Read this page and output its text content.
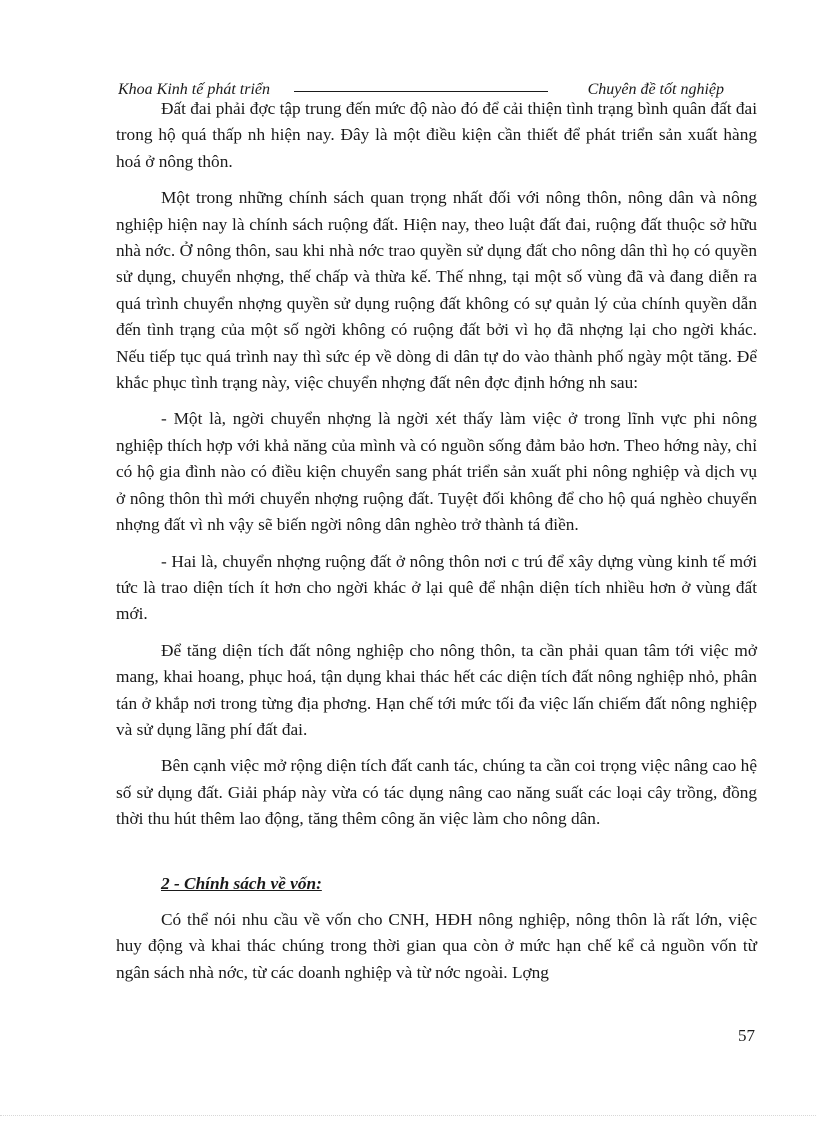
Khoa Kinh tế phát triển	Chuyên đề tốt nghiệp

Đất đai phải đợc tập trung đến mức độ nào đó để cải thiện tình trạng bình quân đất đai trong hộ quá thấp nh hiện nay. Đây là một điều kiện cần thiết để phát triển sản xuất hàng hoá ở nông thôn.

Một trong những chính sách quan trọng nhất đối với nông thôn, nông dân và nông nghiệp hiện nay là chính sách ruộng đất. Hiện nay, theo luật đất đai, ruộng đất thuộc sở hữu nhà nớc. Ở nông thôn, sau khi nhà nớc trao quyền sử dụng đất cho nông dân thì họ có quyền sử dụng, chuyển nhợng, thế chấp và thừa kế. Thế nhng, tại một số vùng đã và đang diễn ra quá trình chuyển nhợng quyền sử dụng ruộng đất không có sự quản lý của chính quyền dẫn đến tình trạng của một số ngời không có ruộng đất bởi vì họ đã nhợng lại cho ngời khác. Nếu tiếp tục quá trình nay thì sức ép về dòng di dân tự do vào thành phố ngày một tăng. Để khắc phục tình trạng này, việc chuyển nhợng đất nên đợc định hớng nh sau:

- Một là, ngời chuyển nhợng là ngời xét thấy làm việc ở trong lĩnh vực phi nông nghiệp thích hợp với khả năng của mình và có nguồn sống đảm bảo hơn. Theo hớng này, chỉ có hộ gia đình nào có điều kiện chuyển sang phát triển sản xuất phi nông nghiệp và dịch vụ ở nông thôn thì mới chuyển nhợng ruộng đất. Tuyệt đối không để cho hộ quá nghèo chuyển nhợng đất vì nh vậy sẽ biến ngời nông dân nghèo trở thành tá điền.

- Hai là, chuyển nhợng ruộng đất ở nông thôn nơi c trú để xây dựng vùng kinh tế mới tức là trao diện tích ít hơn cho ngời khác ở lại quê để nhận diện tích nhiều hơn ở vùng đất mới.

Để tăng diện tích đất nông nghiệp cho nông thôn, ta cần phải quan tâm tới việc mở mang, khai hoang, phục hoá, tận dụng khai thác hết các diện tích đất nông nghiệp nhỏ, phân tán ở khắp nơi trong từng địa phơng. Hạn chế tới mức tối đa việc lấn chiếm đất nông nghiệp và sử dụng lãng phí đất đai.

Bên cạnh việc mở rộng diện tích đất canh tác, chúng ta cần coi trọng việc nâng cao hệ số sử dụng đất. Giải pháp này vừa có tác dụng nâng cao năng suất các loại cây trồng, đồng thời thu hút thêm lao động, tăng thêm công ăn việc làm cho nông dân.

2 - Chính sách về vốn:

Có thể nói nhu cầu về vốn cho CNH, HĐH nông nghiệp, nông thôn là rất lớn, việc huy động và khai thác chúng trong thời gian qua còn ở mức hạn chế kể cả nguồn vốn từ ngân sách nhà nớc, từ các doanh nghiệp và từ nớc ngoài. Lợng

57
